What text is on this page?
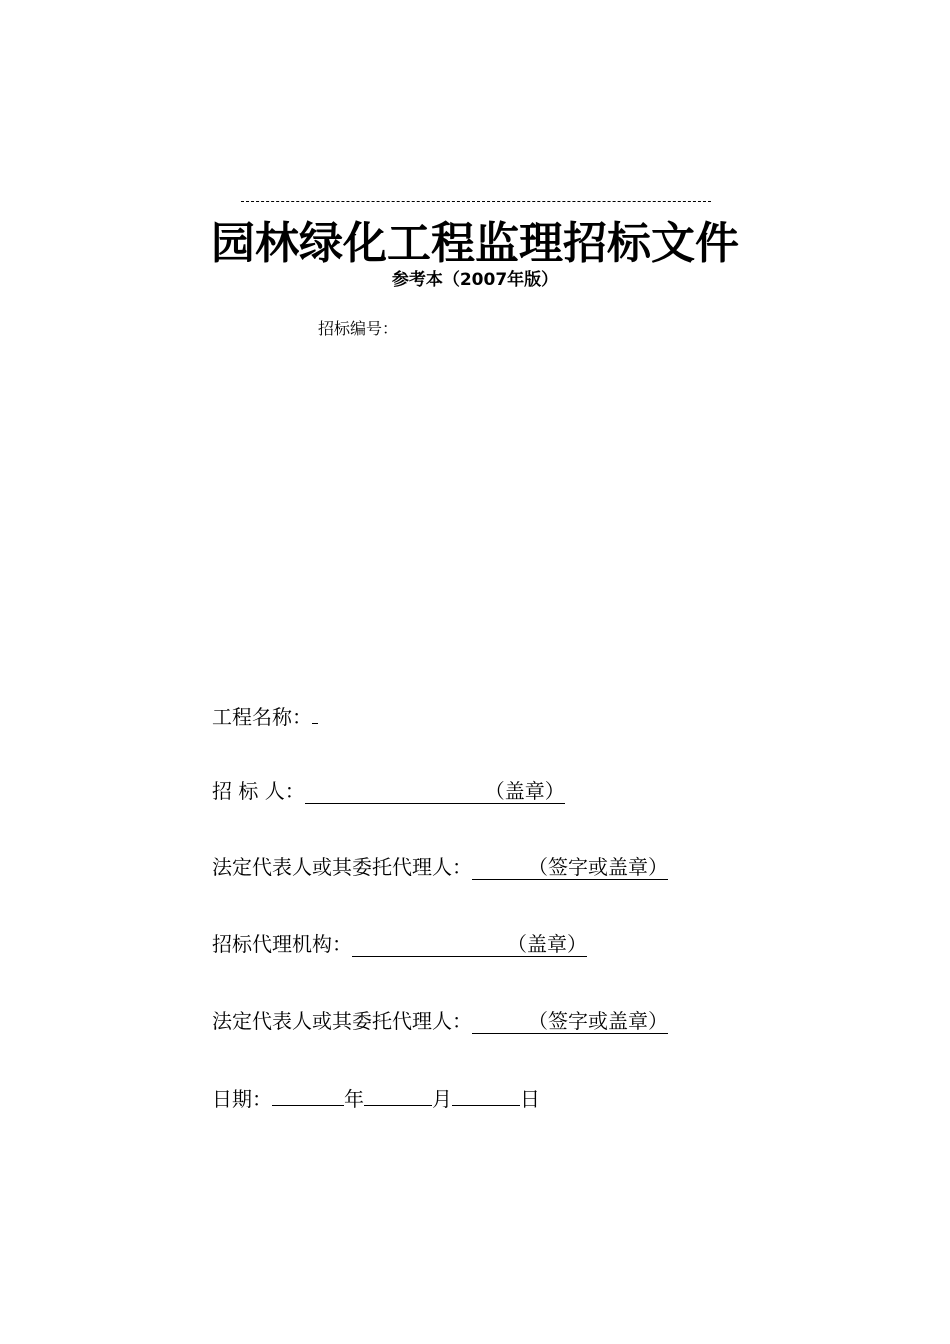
园林绿化工程监理招标文件
参考本（2007年版）
招标编号：
工程名称：
招 标 人：	（盖章）
法定代表人或其委托代理人：	（签字或盖章）
招标代理机构：	（盖章）
法定代表人或其委托代理人：	（签字或盖章）
日期：	年	月	日
